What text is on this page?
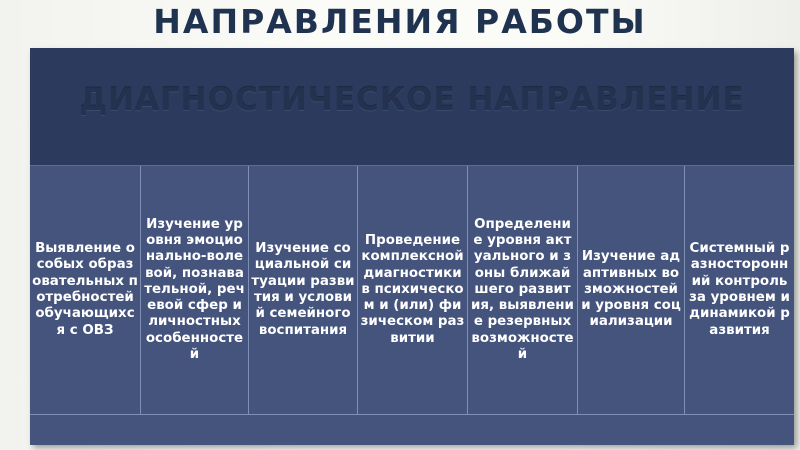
НАПРАВЛЕНИЯ РАБОТЫ
ДИАГНОСТИЧЕСКОЕ НАПРАВЛЕНИЕ
Выявление особых образовательных потребностей обучающихся с ОВЗ
Изучение уровня эмоционально-волевой, познавательной, речевой сфер и личностных особенностей
Изучение социальной ситуации развития и условий семейного воспитания
Проведение комплексной диагностики в психическом и (или) физическом развитии
Определение уровня актуального и зоны ближайшего развития, выявление резервных возможностей
Изучение адаптивных возможностей и уровня социализации
Системный разносторонний контроль за уровнем и динамикой развития
